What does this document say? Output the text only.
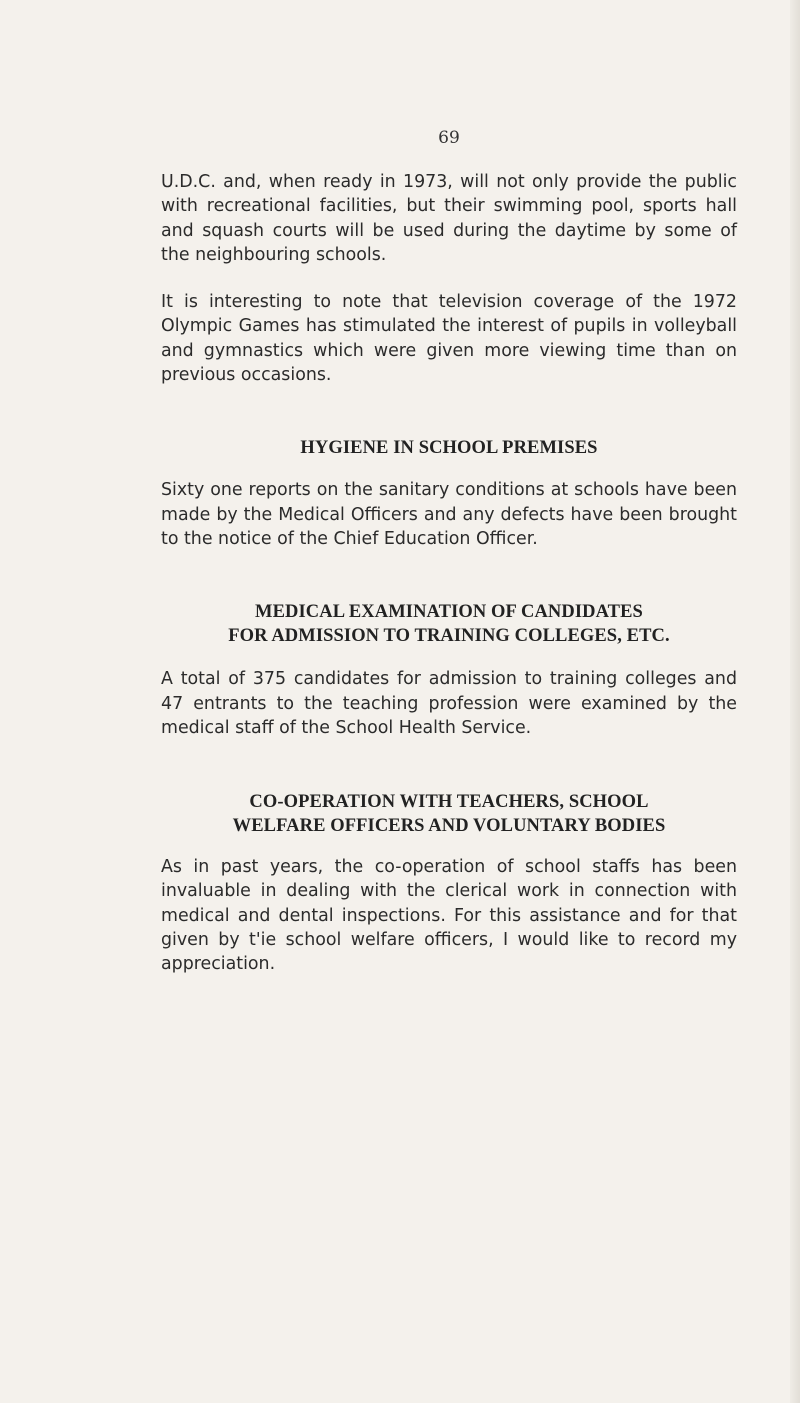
69

U.D.C. and, when ready in 1973, will not only provide the public with recreational facilities, but their swimming pool, sports hall and squash courts will be used during the daytime by some of the neighbouring schools.

It is interesting to note that television coverage of the 1972 Olympic Games has stimulated the interest of pupils in volleyball and gymnastics which were given more viewing time than on previous occasions.

HYGIENE IN SCHOOL PREMISES

Sixty one reports on the sanitary conditions at schools have been made by the Medical Officers and any defects have been brought to the notice of the Chief Education Officer.

MEDICAL EXAMINATION OF CANDIDATES
FOR ADMISSION TO TRAINING COLLEGES, ETC.

A total of 375 candidates for admission to training colleges and 47 entrants to the teaching profession were examined by the medical staff of the School Health Service.

CO-OPERATION WITH TEACHERS, SCHOOL
WELFARE OFFICERS AND VOLUNTARY BODIES

As in past years, the co-operation of school staffs has been invaluable in dealing with the clerical work in connection with medical and dental inspections. For this assistance and for that given by t'ie school welfare officers, I would like to record my appreciation.
